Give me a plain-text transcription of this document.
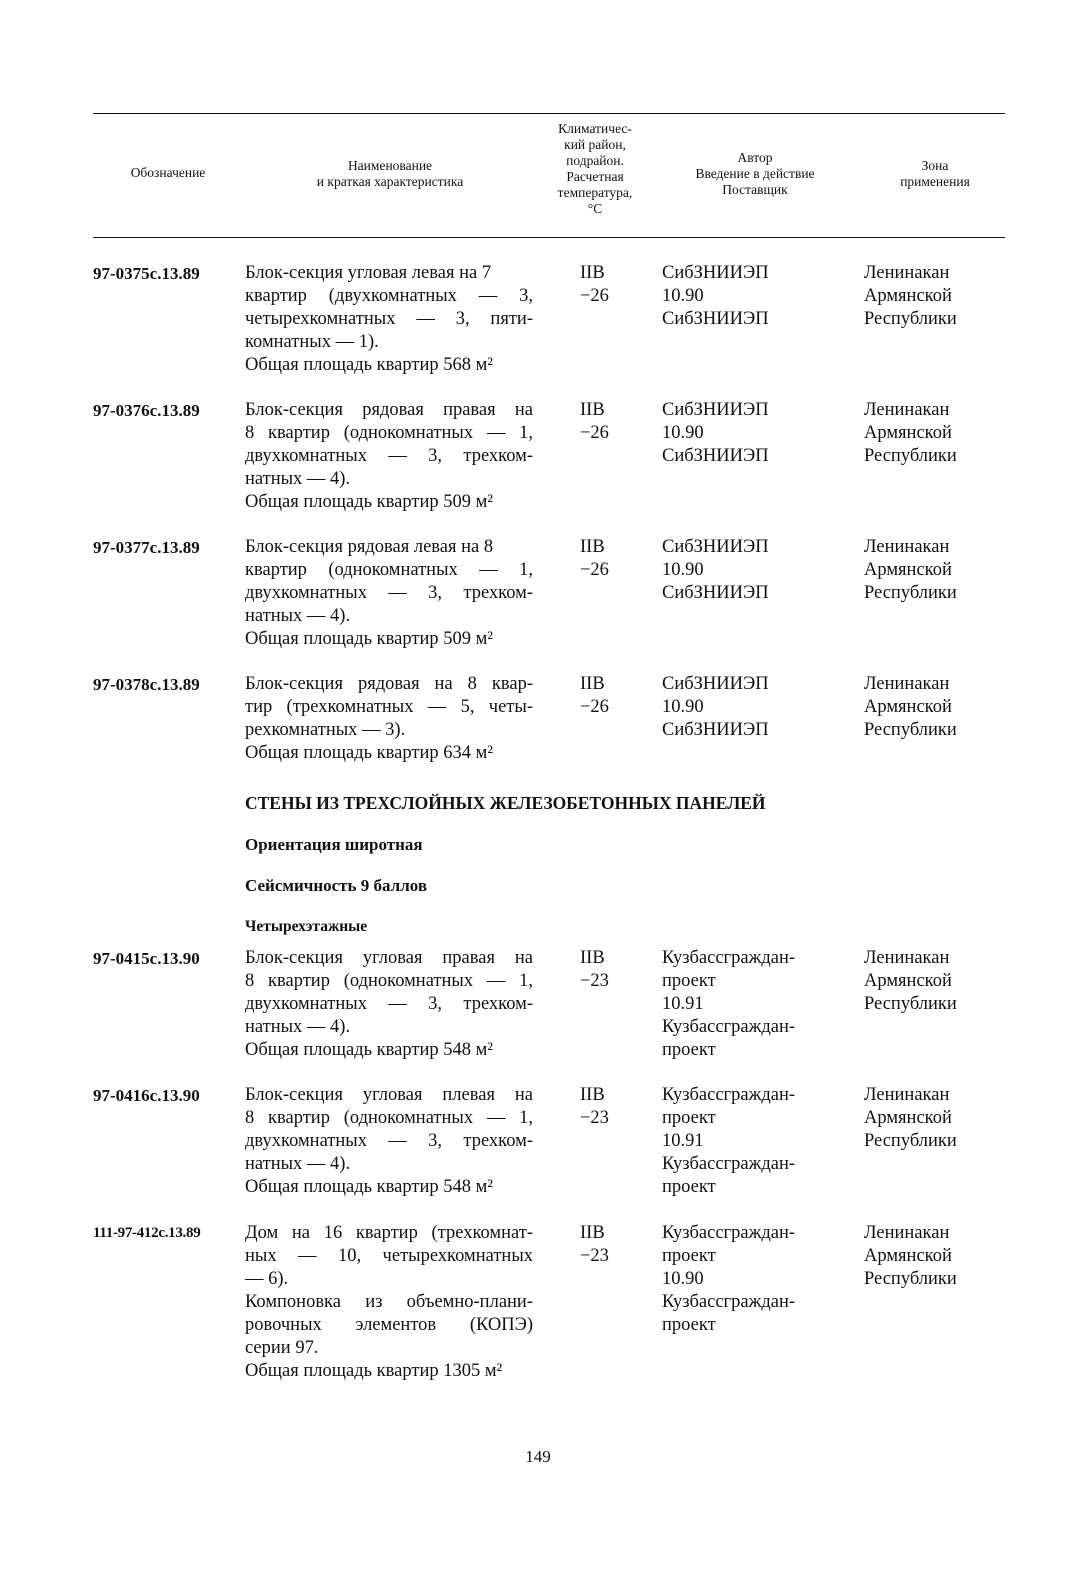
Обозначение	Наименование
и краткая характеристика
Климатичес-
кий район,
подрайон.
Расчетная
температура,
°С
Автор
Введение в действие
Поставщик
Зона
применения
97-0375с.13.89 Блок-секция угловая левая на 7
квартир (двухкомнатных — 3,
четырехкомнатных — 3, пяти-
комнатных — 1).
Общая площадь квартир 568 м²
IIB
−26
СибЗНИИЭП
10.90
СибЗНИИЭП
Ленинакан
Армянской
Республики
97-0376с.13.89 Блок-секция рядовая правая на
8 квартир (однокомнатных — 1,
двухкомнатных — 3, трехком-
натных — 4).
Общая площадь квартир 509 м²
IIB
−26
СибЗНИИЭП
10.90
СибЗНИИЭП
Ленинакан
Армянской
Республики
97-0377с.13.89 Блок-секция рядовая левая на 8
квартир (однокомнатных — 1,
двухкомнатных — 3, трехком-
натных — 4).
Общая площадь квартир 509 м²
IIB
−26
СибЗНИИЭП
10.90
СибЗНИИЭП
Ленинакан
Армянской
Республики
97-0378с.13.89 Блок-секция рядовая на 8 квар-
тир (трехкомнатных — 5, четы-
рехкомнатных — 3).
Общая площадь квартир 634 м²
IIB
−26
СибЗНИИЭП
10.90
СибЗНИИЭП
Ленинакан
Армянской
Республики
СТЕНЫ ИЗ ТРЕХСЛОЙНЫХ ЖЕЛЕЗОБЕТОННЫХ ПАНЕЛЕЙ
Ориентация широтная
Сейсмичность 9 баллов
Четырехэтажные
97-0415с.13.90 Блок-секция угловая правая на
8 квартир (однокомнатных — 1,
двухкомнатных — 3, трехком-
натных — 4).
Общая площадь квартир 548 м²
IIB
−23
Кузбассграждан-
проект
10.91
Кузбассграждан-
проект
Ленинакан
Армянской
Республики
97-0416с.13.90 Блок-секция угловая плевая на
8 квартир (однокомнатных — 1,
двухкомнатных — 3, трехком-
натных — 4).
Общая площадь квартир 548 м²
IIB
−23
Кузбассграждан-
проект
10.91
Кузбассграждан-
проект
Ленинакан
Армянской
Республики
111-97-412с.13.89 Дом на 16 квартир (трехкомнат-
ных — 10, четырехкомнатных
— 6).
Компоновка из объемно-плани-
ровочных элементов (КОПЭ)
серии 97.
Общая площадь квартир 1305 м²
IIB
−23
Кузбассграждан-
проект
10.90
Кузбассграждан-
проект
Ленинакан
Армянской
Республики
149
